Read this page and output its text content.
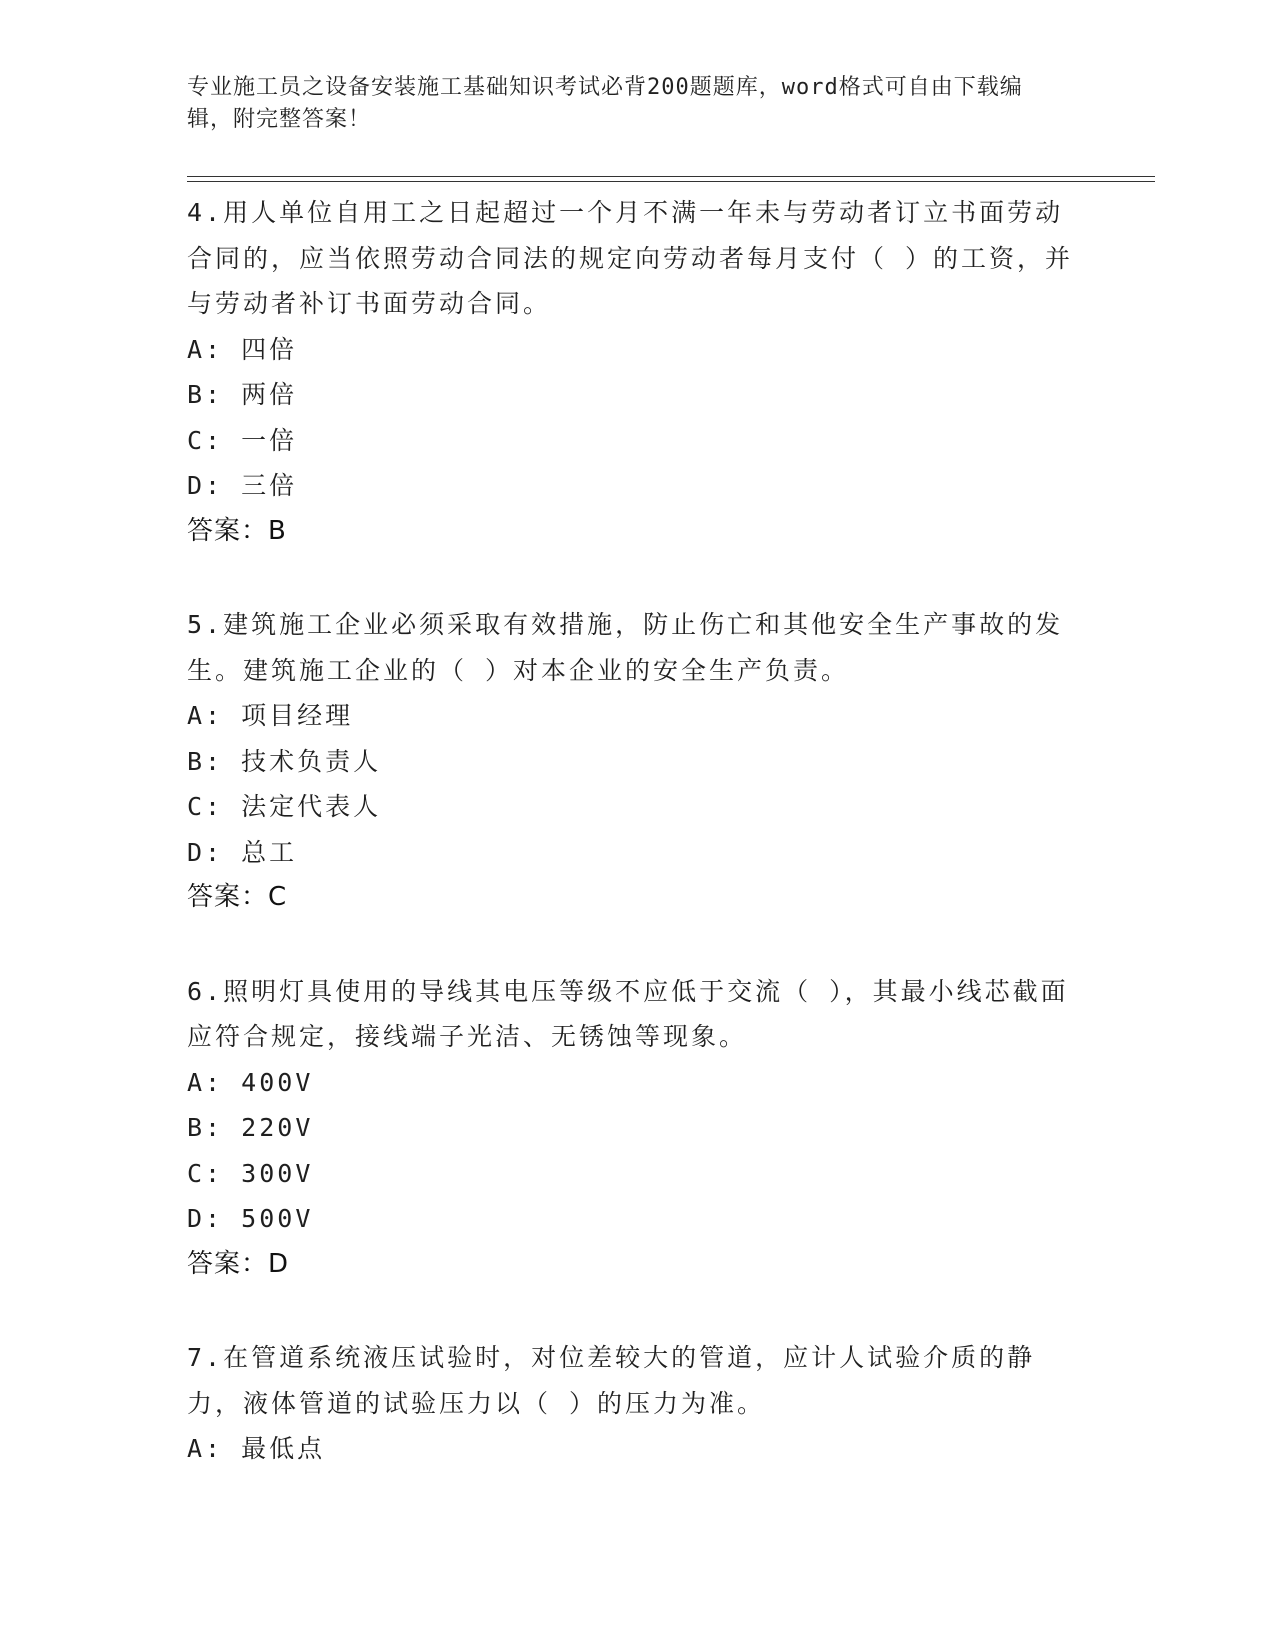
专业施工员之设备安装施工基础知识考试必背200题题库，word格式可自由下载编辑，附完整答案！

4.用人单位自用工之日起超过一个月不满一年未与劳动者订立书面劳动合同的，应当依照劳动合同法的规定向劳动者每月支付（ ）的工资，并与劳动者补订书面劳动合同。

A: 四倍

B: 两倍

C: 一倍

D: 三倍

答案：B

5.建筑施工企业必须采取有效措施，防止伤亡和其他安全生产事故的发生。建筑施工企业的（ ）对本企业的安全生产负责。

A: 项目经理

B: 技术负责人

C: 法定代表人

D: 总工

答案：C

6.照明灯具使用的导线其电压等级不应低于交流（ ），其最小线芯截面应符合规定，接线端子光洁、无锈蚀等现象。

A: 400V

B: 220V

C: 300V

D: 500V

答案：D

7.在管道系统液压试验时，对位差较大的管道，应计人试验介质的静力，液体管道的试验压力以（ ）的压力为准。

A: 最低点
